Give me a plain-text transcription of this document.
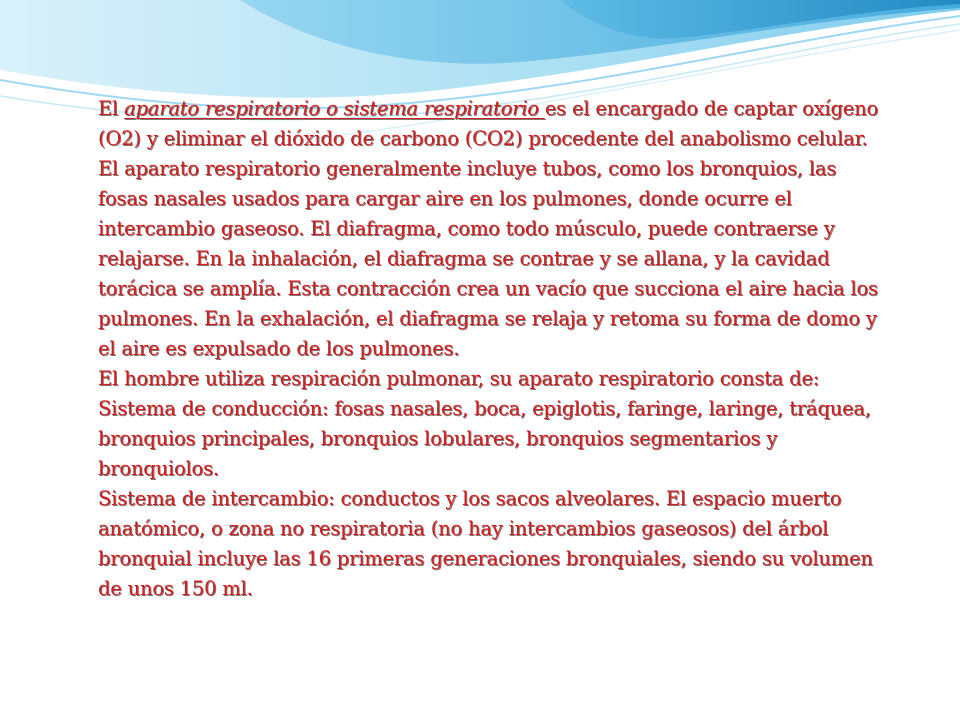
El aparato respiratorio o sistema respiratorio es el encargado de captar oxígeno (O2) y eliminar el dióxido de carbono (CO2) procedente del anabolismo celular.

El aparato respiratorio generalmente incluye tubos, como los bronquios, las fosas nasales usados para cargar aire en los pulmones, donde ocurre el intercambio gaseoso. El diafragma, como todo músculo, puede contraerse y relajarse. En la inhalación, el diafragma se contrae y se allana, y la cavidad torácica se amplía. Esta contracción crea un vacío que succiona el aire hacia los pulmones. En la exhalación, el diafragma se relaja y retoma su forma de domo y el aire es expulsado de los pulmones.

El hombre utiliza respiración pulmonar, su aparato respiratorio consta de:

Sistema de conducción: fosas nasales, boca, epiglotis, faringe, laringe, tráquea, bronquios principales, bronquios lobulares, bronquios segmentarios y bronquiolos.

Sistema de intercambio: conductos y los sacos alveolares. El espacio muerto anatómico, o zona no respiratoria (no hay intercambios gaseosos) del árbol bronquial incluye las 16 primeras generaciones bronquiales, siendo su volumen de unos 150 ml.
